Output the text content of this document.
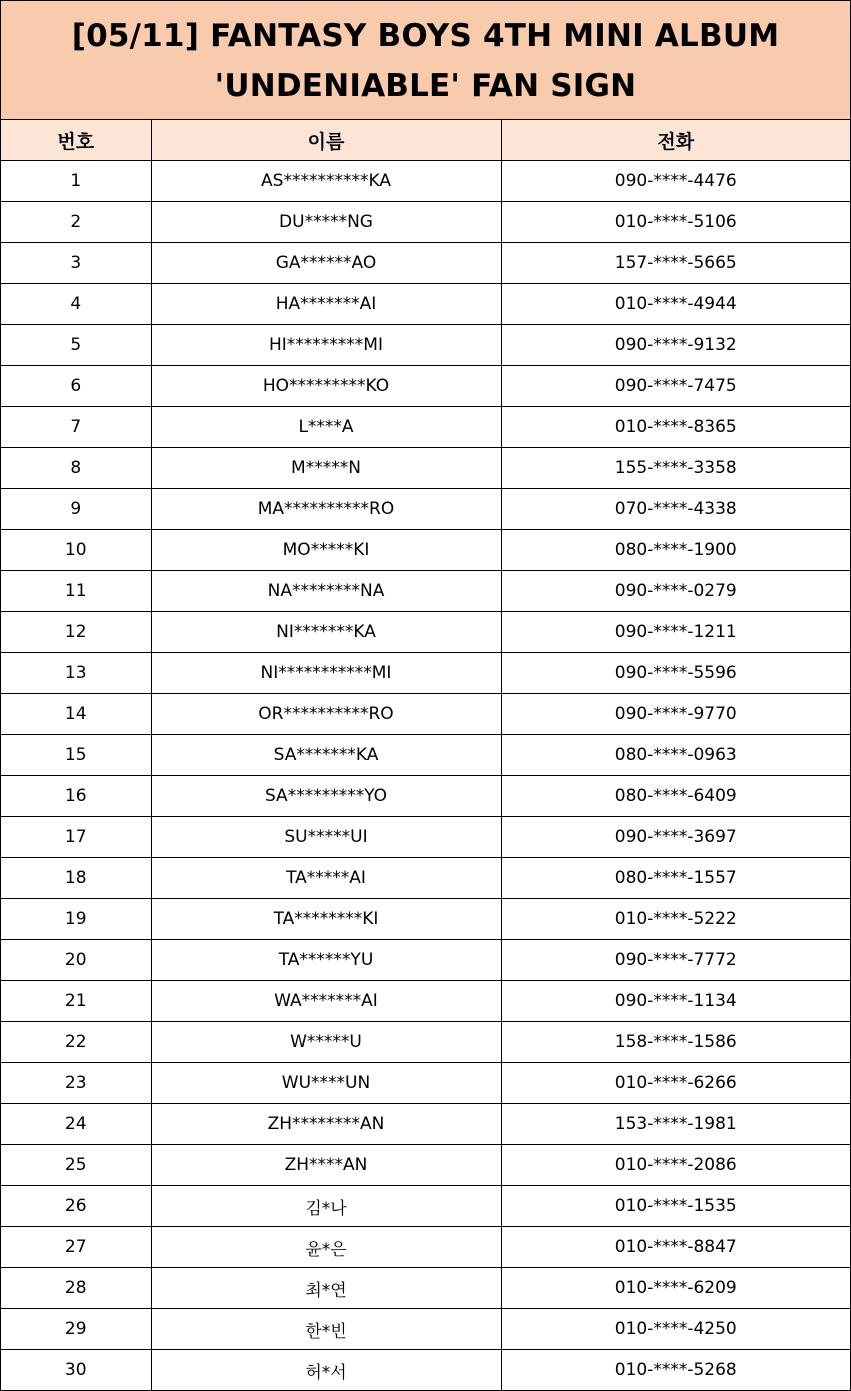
[05/11] FANTASY BOYS 4TH MINI ALBUM
'UNDENIABLE' FAN SIGN
번호	이름	전화
1	AS**********KA	090-****-4476
2	DU*****NG	010-****-5106
3	GA******AO	157-****-5665
4	HA*******AI	010-****-4944
5	HI*********MI	090-****-9132
6	HO*********KO	090-****-7475
7	L****A	010-****-8365
8	M*****N	155-****-3358
9	MA**********RO	070-****-4338
10	MO*****KI	080-****-1900
11	NA********NA	090-****-0279
12	NI*******KA	090-****-1211
13	NI***********MI	090-****-5596
14	OR**********RO	090-****-9770
15	SA*******KA	080-****-0963
16	SA*********YO	080-****-6409
17	SU*****UI	090-****-3697
18	TA*****AI	080-****-1557
19	TA********KI	010-****-5222
20	TA******YU	090-****-7772
21	WA*******AI	090-****-1134
22	W*****U	158-****-1586
23	WU****UN	010-****-6266
24	ZH********AN	153-****-1981
25	ZH****AN	010-****-2086
26	김*나	010-****-1535
27	윤*은	010-****-8847
28	최*연	010-****-6209
29	한*빈	010-****-4250
30	허*서	010-****-5268
